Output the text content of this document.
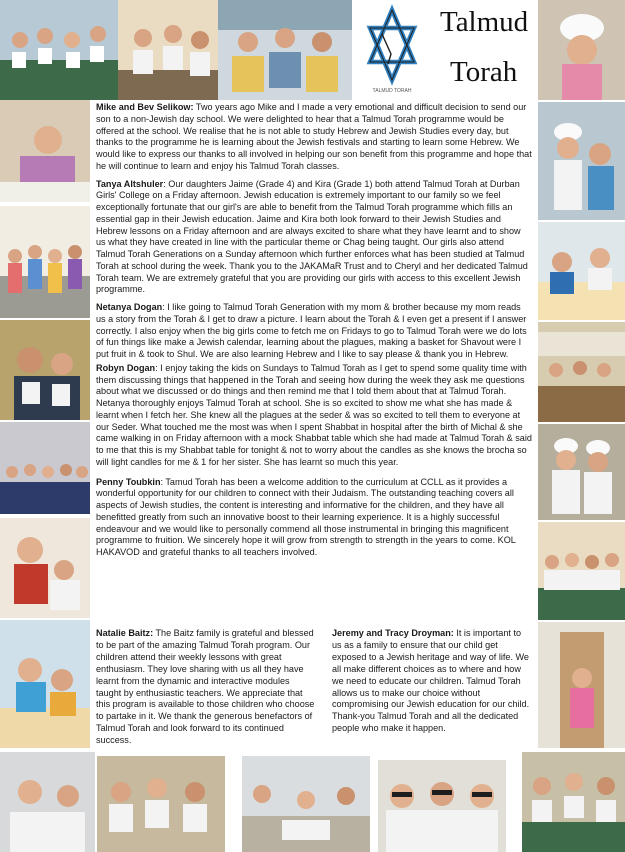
Talmud
Torah
TALMUD TORAH

Mike and Bev Selikow: Two years ago Mike and I made a very emotional and difficult decision to send our son to a non-Jewish day school. We were delighted to hear that a Talmud Torah programme would be offered at the school. We realise that he is not able to study Hebrew and Jewish Studies every day, but thanks to the programme he is learning about the Jewish festivals and starting to learn some Hebrew. We would like to express our thanks to all involved in helping our son benefit from this programme and hope that he will continue to learn and enjoy his Talmud Torah classes.

Tanya Altshuler: Our daughters Jaime (Grade 4) and Kira (Grade 1) both attend Talmud Torah at Durban Girls' College on a Friday afternoon. Jewish education is extremely important to our family so we feel exceptionally fortunate that our girl's are able to benefit from the Talmud Torah programme which fills an essential gap in their Jewish education. Jaime and Kira both look forward to their Jewish Studies and Hebrew lessons on a Friday afternoon and are always excited to share what they have learnt and to show us what they have created in line with the particular theme or Chag being taught. Our girls also attend Talmud Torah Generations on a Sunday afternoon which further enforces what has been studied at Talmud Torah at school during the week. Thank you to the JAKAMaR Trust and to Cheryl and her dedicated Talmud Torah team. We are extremely grateful that you are providing our girls with access to this excellent Jewish programme.

Netanya Dogan: I like going to Talmud Torah Generation with my mom & brother because my mom reads us a story from the Torah & I get to draw a picture. I learn about the Torah & I even get a present if I answer correctly. I also enjoy when the big girls come to fetch me on Fridays to go to Talmud Torah were we do lots of fun things like make a Jewish calendar, learning about the plagues, making a basket for Shavout were I put fruit in & took to Shul. We are also learning Hebrew and I like to say please & thank you in Hebrew.

Robyn Dogan: I enjoy taking the kids on Sundays to Talmud Torah as I get to spend some quality time with them discussing things that happened in the Torah and seeing how during the week they ask me questions about what we discussed or do things and then remind me that I told them about that at Talmud Torah. Netanya thoroughly enjoys Talmud Torah at school. She is so excited to show me what she has made & learnt when I fetch her. She knew all the plagues at the seder & was so excited to tell them to everyone at our Seder. What touched me the most was when I spent Shabbat in hospital after the birth of Michal & she came walking in on Friday afternoon with a mock Shabbat table which she had made at Talmud Torah & said to me that this is my Shabbat table for tonight & not to worry about the candles as she knows the brocha so will light candles for me & 1 for her sister. She has learnt so much this year.

Penny Toubkin: Tamud Torah has been a welcome addition to the curriculum at CCLL as it provides a wonderful opportunity for our children to connect with their Judaism. The outstanding teaching covers all aspects of Jewish studies, the content is interesting and informative for the children, and they have all benefitted greatly from such an innovative boost to their learning experience. It is a highly successful endeavour and we would like to personally commend all those instrumental in bringing this magnificent programme to fruition. We sincerely hope it will grow from strength to strength in the years to come. KOL HAKAVOD and grateful thanks to all teachers involved.

Natalie Baitz: The Baitz family is grateful and blessed to be part of the amazing Talmud Torah program. Our children attend their weekly lessons with great enthusiasm. They love sharing with us all they have learnt from the dynamic and interactive modules taught by enthusiastic teachers. We appreciate that this program is available to those children who choose to partake in it. We thank the generous benefactors of Talmud Torah and look forward to its continued success.

Jeremy and Tracy Droyman: It is important to us as a family to ensure that our child get exposed to a Jewish heritage and way of life. We all make different choices as to where and how we need to educate our children. Talmud Torah allows us to make our choice without compromising our Jewish education for our child. Thank-you Talmud Torah and all the dedicated people who make it happen.
